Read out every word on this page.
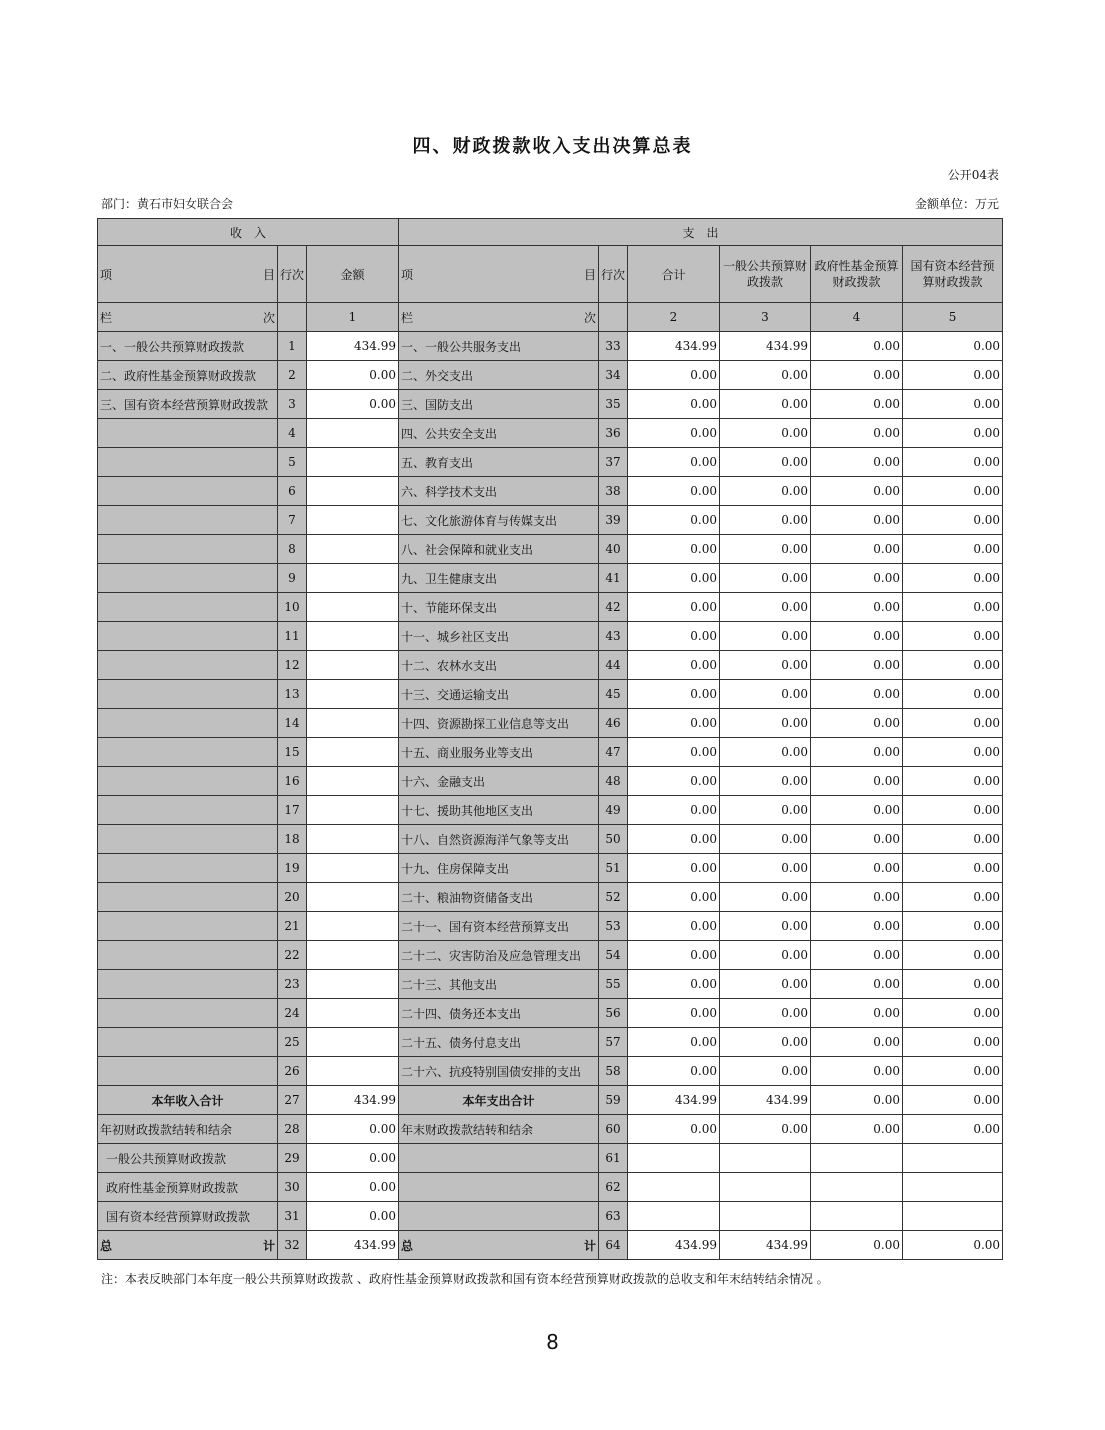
四、财政拨款收入支出决算总表
公开04表
部门：黄石市妇女联合会	金额单位：万元
收　入			支　出					

项 目	行次	金额	项 目	行次	合计	一般公共预算财政拨款	政府性基金预算财政拨款	国有资本经营预算财政拨款

栏 次		1	栏 次		2	3	4	5
一、一般公共预算财政拨款	1	434.99	一、一般公共服务支出	33	434.99	434.99	0.00	0.00
二、政府性基金预算财政拨款	2	0.00	二、外交支出	34	0.00	0.00	0.00	0.00
三、国有资本经营预算财政拨款	3	0.00	三、国防支出	35	0.00	0.00	0.00	0.00
	4		四、公共安全支出	36	0.00	0.00	0.00	0.00
	5		五、教育支出	37	0.00	0.00	0.00	0.00
	6		六、科学技术支出	38	0.00	0.00	0.00	0.00
	7		七、文化旅游体育与传媒支出	39	0.00	0.00	0.00	0.00
	8		八、社会保障和就业支出	40	0.00	0.00	0.00	0.00
	9		九、卫生健康支出	41	0.00	0.00	0.00	0.00
	10		十、节能环保支出	42	0.00	0.00	0.00	0.00
	11		十一、城乡社区支出	43	0.00	0.00	0.00	0.00
	12		十二、农林水支出	44	0.00	0.00	0.00	0.00
	13		十三、交通运输支出	45	0.00	0.00	0.00	0.00
	14		十四、资源勘探工业信息等支出	46	0.00	0.00	0.00	0.00
	15		十五、商业服务业等支出	47	0.00	0.00	0.00	0.00
	16		十六、金融支出	48	0.00	0.00	0.00	0.00
	17		十七、援助其他地区支出	49	0.00	0.00	0.00	0.00
	18		十八、自然资源海洋气象等支出	50	0.00	0.00	0.00	0.00
	19		十九、住房保障支出	51	0.00	0.00	0.00	0.00
	20		二十、粮油物资储备支出	52	0.00	0.00	0.00	0.00
	21		二十一、国有资本经营预算支出	53	0.00	0.00	0.00	0.00
	22		二十二、灾害防治及应急管理支出	54	0.00	0.00	0.00	0.00
	23		二十三、其他支出	55	0.00	0.00	0.00	0.00
	24		二十四、债务还本支出	56	0.00	0.00	0.00	0.00
	25		二十五、债务付息支出	57	0.00	0.00	0.00	0.00
	26		二十六、抗疫特别国债安排的支出	58	0.00	0.00	0.00	0.00
本年收入合计	27	434.99	本年支出合计	59	434.99	434.99	0.00	0.00
年初财政拨款结转和结余	28	0.00	年末财政拨款结转和结余	60	0.00	0.00	0.00	0.00
一般公共预算财政拨款	29	0.00		61				
政府性基金预算财政拨款	30	0.00		62				
国有资本经营预算财政拨款	31	0.00		63				

总 计	32	434.99	总 计	64	434.99	434.99	0.00	0.00
注：本表反映部门本年度一般公共预算财政拨款 、政府性基金预算财政拨款和国有资本经营预算财政拨款的总收支和年末结转结余情况 。
8
